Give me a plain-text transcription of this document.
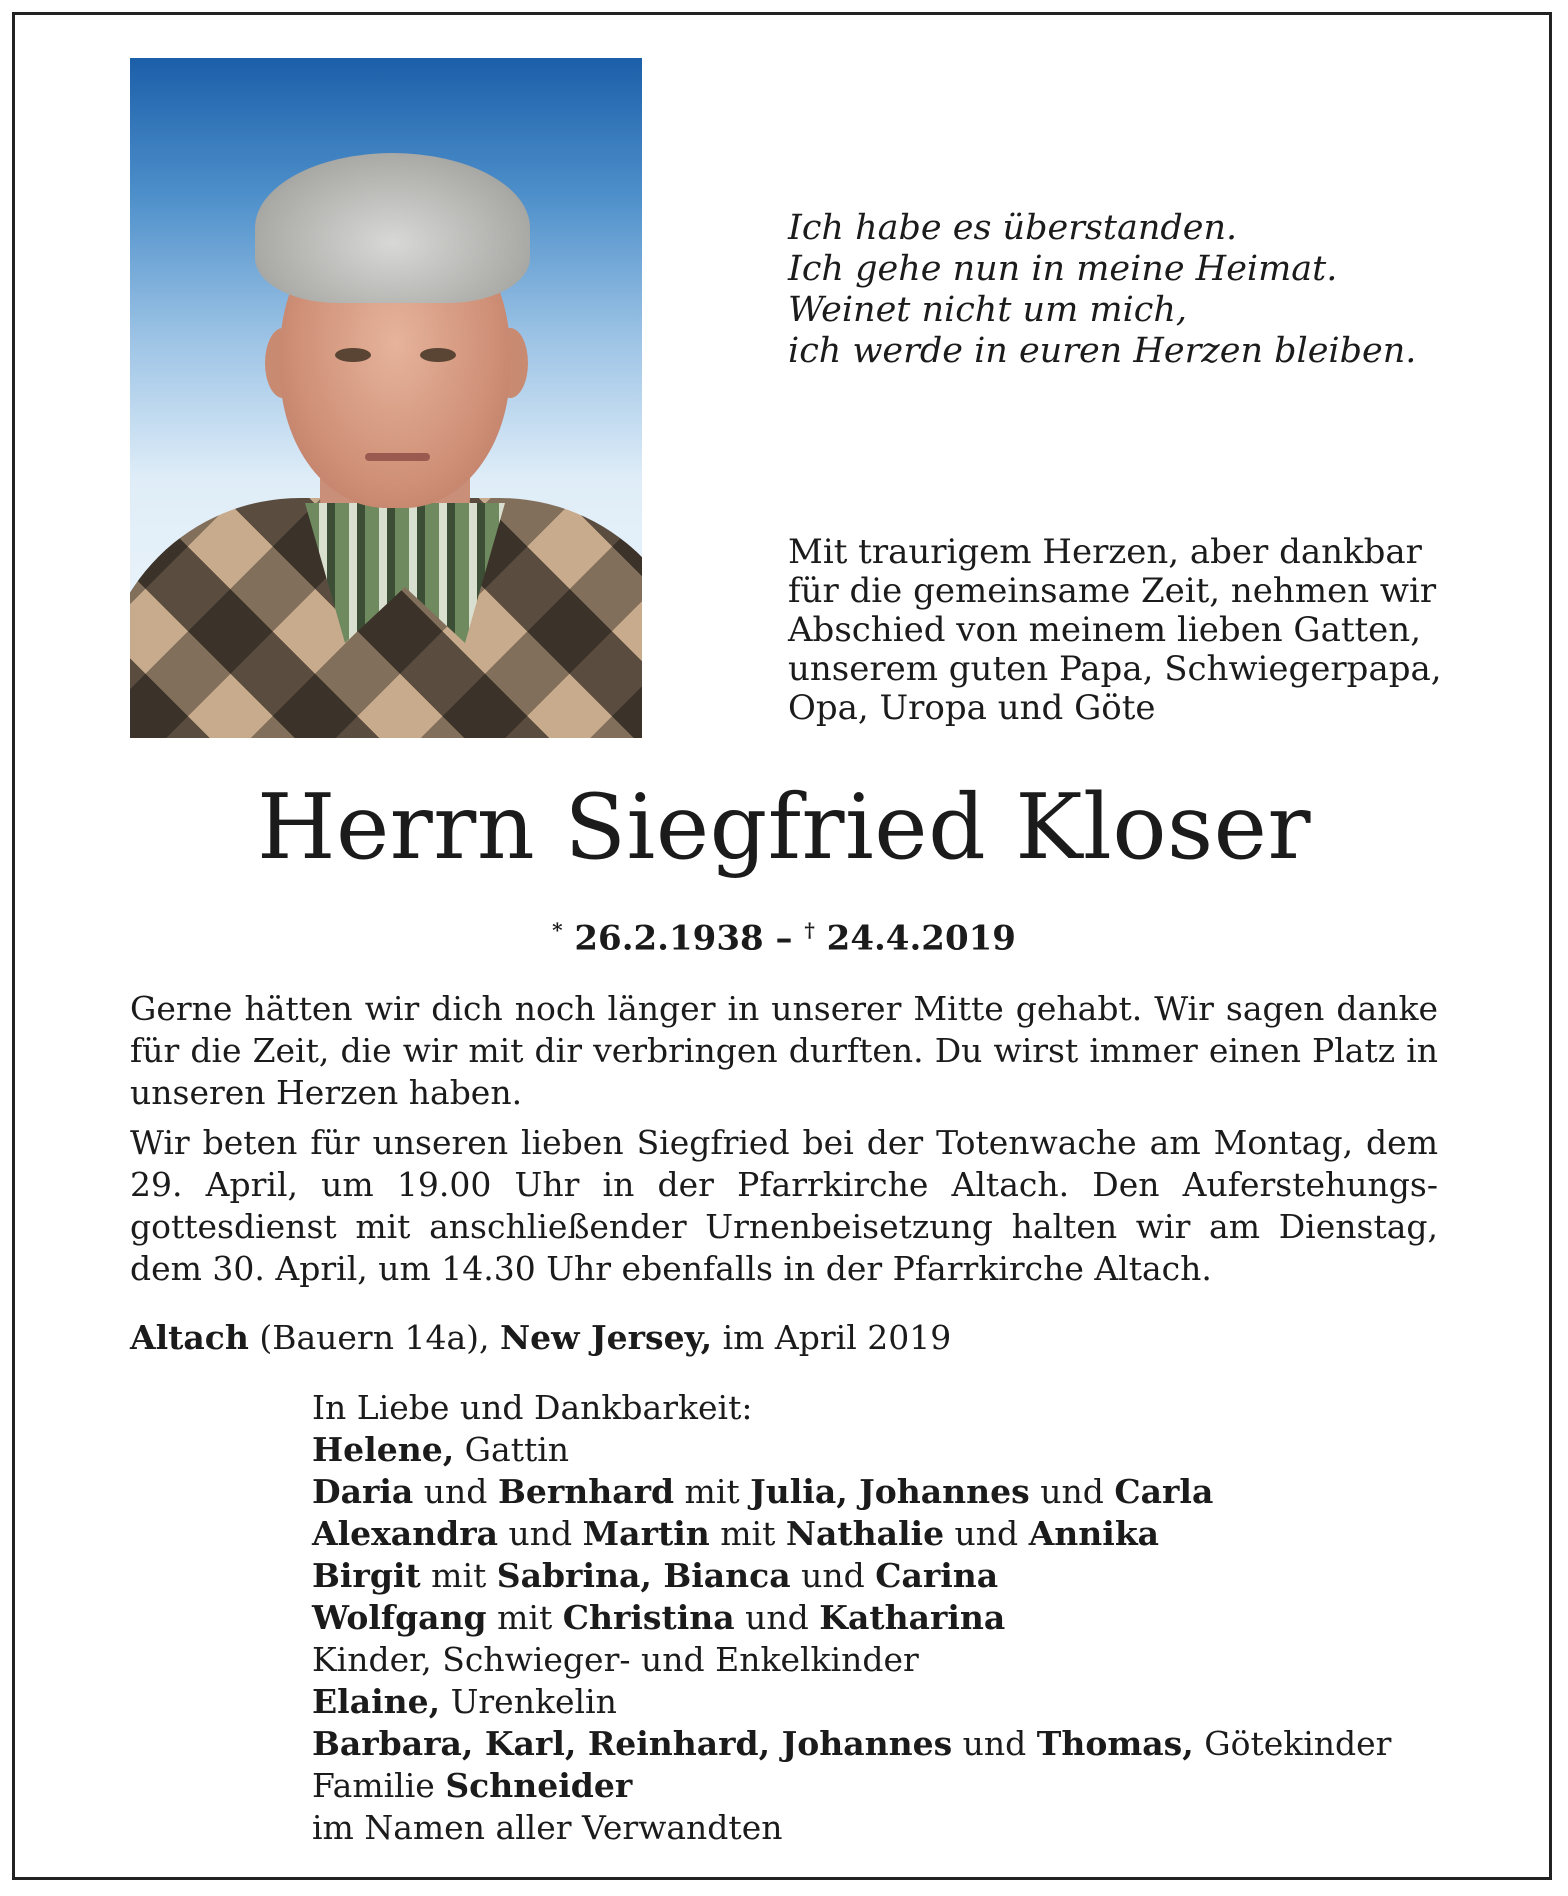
Ich habe es überstanden.
Ich gehe nun in meine Heimat.
Weinet nicht um mich,
ich werde in euren Herzen bleiben.
Mit traurigem Herzen, aber dankbar
für die gemeinsame Zeit, nehmen wir
Abschied von meinem lieben Gatten,
unserem guten Papa, Schwiegerpapa,
Opa, Uropa und Göte
Herrn Siegfried Kloser
* 26.2.1938 – † 24.4.2019

Gerne hätten wir dich noch länger in unserer Mitte gehabt. Wir sagen danke für die Zeit, die wir mit dir verbringen durften. Du wirst immer einen Platz in unseren Herzen haben.

Wir beten für unseren lieben Siegfried bei der Totenwache am Montag, dem 29. April, um 19.00 Uhr in der Pfarrkirche Altach. Den Auferstehungsgottesdienst mit anschließender Urnenbeisetzung halten wir am Dienstag, dem 30. April, um 14.30 Uhr ebenfalls in der Pfarrkirche Altach.

Altach (Bauern 14a), New Jersey, im April 2019
In Liebe und Dankbarkeit:
Helene, Gattin
Daria und Bernhard mit Julia, Johannes und Carla
Alexandra und Martin mit Nathalie und Annika
Birgit mit Sabrina, Bianca und Carina
Wolfgang mit Christina und Katharina
Kinder, Schwieger- und Enkelkinder
Elaine, Urenkelin
Barbara, Karl, Reinhard, Johannes und Thomas, Götekinder
Familie Schneider
im Namen aller Verwandten
